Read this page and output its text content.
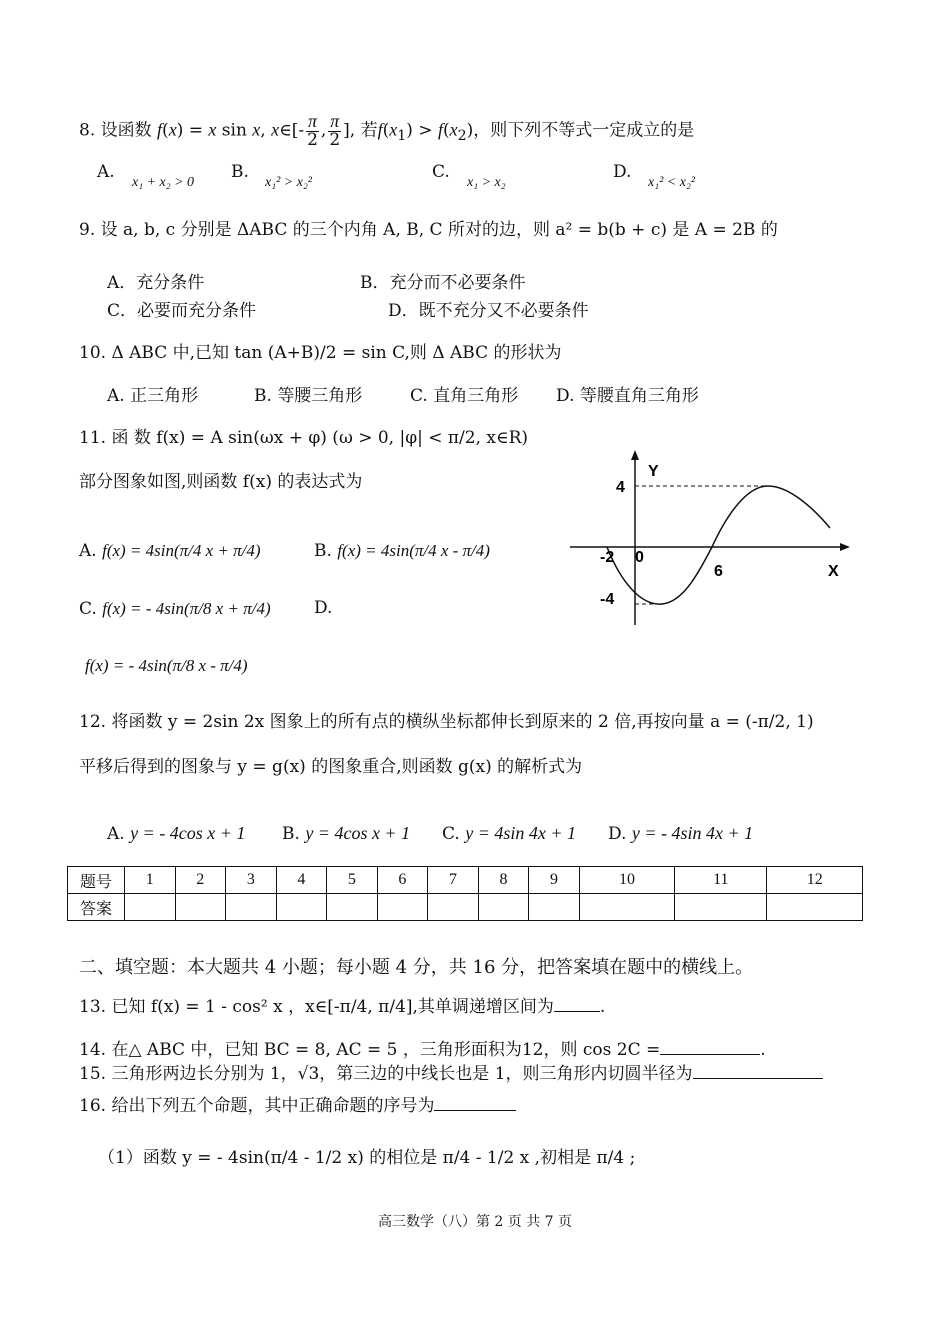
8. 设函数 f(x) = x sin x, x∈[- $\frac{\pi}{2}$ , $\frac{\pi}{2}$ ], 若$f(x_1) > f(x_2)$，则下列不等式一定成立的是
A.
x₁ + x₂ > 0
B.
x₁² > x₂²
C.
x₁ > x₂
D.
x₁² < x₂²
9. 设 a, b, c 分别是 ΔABC 的三个内角 A, B, C 所对的边，则 a² = b(b + c) 是 A = 2B 的
A．充分条件	B．充分而不必要条件
C．必要而充分条件	D．既不充分又不必要条件
10. Δ ABC 中,已知 tan (A+B)/2 = sin C,则 Δ ABC 的形状为
A. 正三角形	B. 等腰三角形	C. 直角三角形 D. 等腰直角三角形
11. 函 数 f(x) = A sin(ωx + φ) (ω > 0, |φ| < π/2, x∈R)
部分图象如图,则函数 f(x) 的表达式为
A. f(x) = 4sin(π/4 x + π/4)	B. f(x) = 4sin(π/4 x - π/4)
C. f(x) = - 4sin(π/8 x + π/4)	D.
f(x) = - 4sin(π/8 x - π/4)
Y
X
4
-4
-2 0
6
12. 将函数 y = 2sin 2x 图象上的所有点的横纵坐标都伸长到原来的 2 倍,再按向量 a = (-π/2, 1)
平移后得到的图象与 y = g(x) 的图象重合,则函数 g(x) 的解析式为
A. y = - 4cos x + 1 B. y = 4cos x + 1 C. y = 4sin 4x + 1 D. y = - 4sin 4x + 1
题号	1	2	3	4	5	6	7	8	9	10	11	12
答案												
二、填空题：本大题共 4 小题；每小题 4 分，共 16 分，把答案填在题中的横线上。
13. 已知 f(x) = 1 - cos² x ，x∈[-π/4, π/4],其单调递增区间为	.
14. 在△ ABC 中，已知 BC = 8, AC = 5 ，三角形面积为12，则 cos 2C =	.
15. 三角形两边长分别为 1，√3，第三边的中线长也是 1，则三角形内切圆半径为
16. 给出下列五个命题，其中正确命题的序号为
（1）函数 y = - 4sin(π/4 - 1/2 x) 的相位是 π/4 - 1/2 x ,初相是 π/4 ;
高三数学（八）第 2 页 共 7 页
